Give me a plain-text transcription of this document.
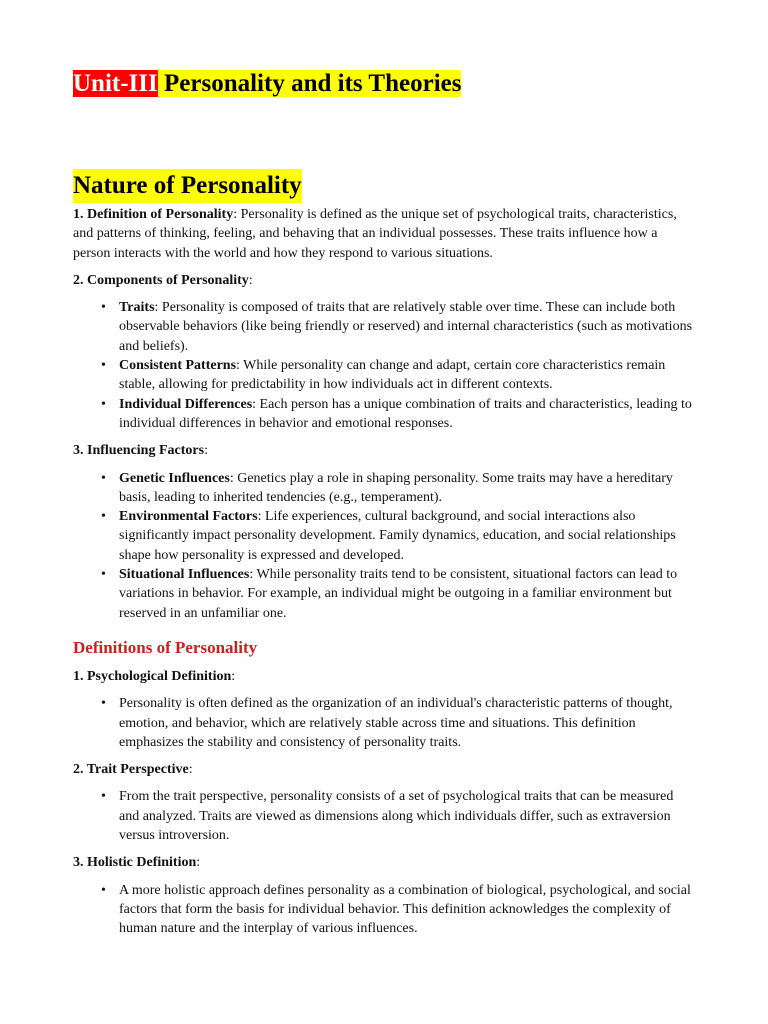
Unit-III Personality and its Theories
Nature of Personality

1. Definition of Personality: Personality is defined as the unique set of psychological traits, characteristics, and patterns of thinking, feeling, and behaving that an individual possesses. These traits influence how a person interacts with the world and how they respond to various situations.

2. Components of Personality:

• Traits: Personality is composed of traits that are relatively stable over time. These can include both observable behaviors (like being friendly or reserved) and internal characteristics (such as motivations and beliefs).
• Consistent Patterns: While personality can change and adapt, certain core characteristics remain stable, allowing for predictability in how individuals act in different contexts.
• Individual Differences: Each person has a unique combination of traits and characteristics, leading to individual differences in behavior and emotional responses.

3. Influencing Factors:

• Genetic Influences: Genetics play a role in shaping personality. Some traits may have a hereditary basis, leading to inherited tendencies (e.g., temperament).
• Environmental Factors: Life experiences, cultural background, and social interactions also significantly impact personality development. Family dynamics, education, and social relationships shape how personality is expressed and developed.
• Situational Influences: While personality traits tend to be consistent, situational factors can lead to variations in behavior. For example, an individual might be outgoing in a familiar environment but reserved in an unfamiliar one.
Definitions of Personality

1. Psychological Definition:

• Personality is often defined as the organization of an individual's characteristic patterns of thought, emotion, and behavior, which are relatively stable across time and situations. This definition emphasizes the stability and consistency of personality traits.

2. Trait Perspective:

• From the trait perspective, personality consists of a set of psychological traits that can be measured and analyzed. Traits are viewed as dimensions along which individuals differ, such as extraversion versus introversion.

3. Holistic Definition:

• A more holistic approach defines personality as a combination of biological, psychological, and social factors that form the basis for individual behavior. This definition acknowledges the complexity of human nature and the interplay of various influences.
